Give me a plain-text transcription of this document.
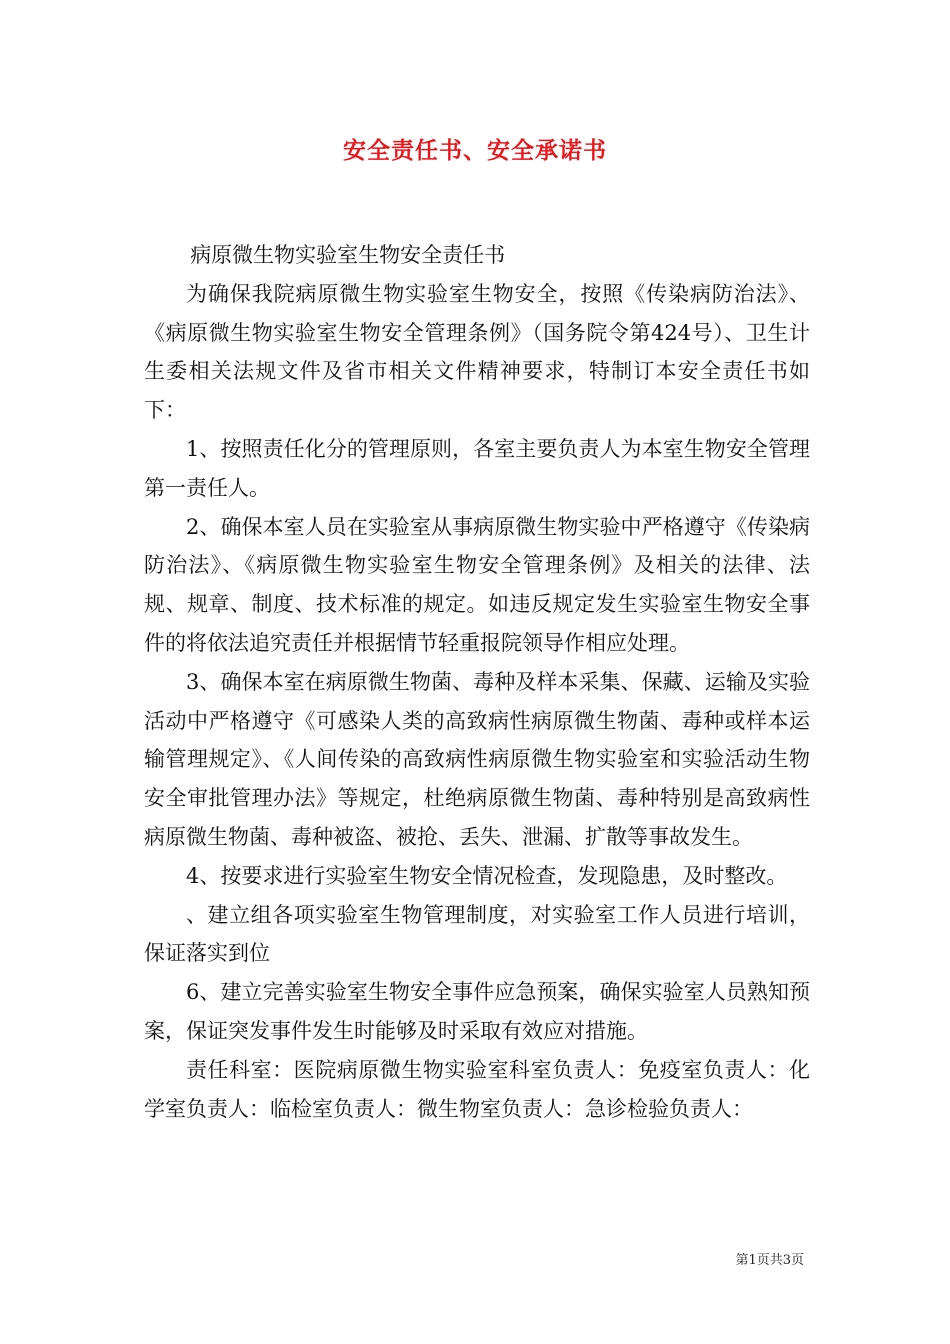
安全责任书、安全承诺书

病原微生物实验室生物安全责任书

为确保我院病原微生物实验室生物安全，按照《传染病防治法》、《病原微生物实验室生物安全管理条例》（国务院令第424号）、卫生计生委相关法规文件及省市相关文件精神要求，特制订本安全责任书如下：

1、按照责任化分的管理原则，各室主要负责人为本室生物安全管理第一责任人。

2、确保本室人员在实验室从事病原微生物实验中严格遵守《传染病防治法》、《病原微生物实验室生物安全管理条例》及相关的法律、法规、规章、制度、技术标准的规定。如违反规定发生实验室生物安全事件的将依法追究责任并根据情节轻重报院领导作相应处理。

3、确保本室在病原微生物菌、毒种及样本采集、保藏、运输及实验活动中严格遵守《可感染人类的高致病性病原微生物菌、毒种或样本运输管理规定》、《人间传染的高致病性病原微生物实验室和实验活动生物安全审批管理办法》等规定，杜绝病原微生物菌、毒种特别是高致病性病原微生物菌、毒种被盗、被抢、丢失、泄漏、扩散等事故发生。

4、按要求进行实验室生物安全情况检查，发现隐患，及时整改。

、建立组各项实验室生物管理制度，对实验室工作人员进行培训，保证落实到位

6、建立完善实验室生物安全事件应急预案，确保实验室人员熟知预案，保证突发事件发生时能够及时采取有效应对措施。

责任科室：医院病原微生物实验室科室负责人：免疫室负责人：化学室负责人：临检室负责人：微生物室负责人：急诊检验负责人：

第1页共3页
